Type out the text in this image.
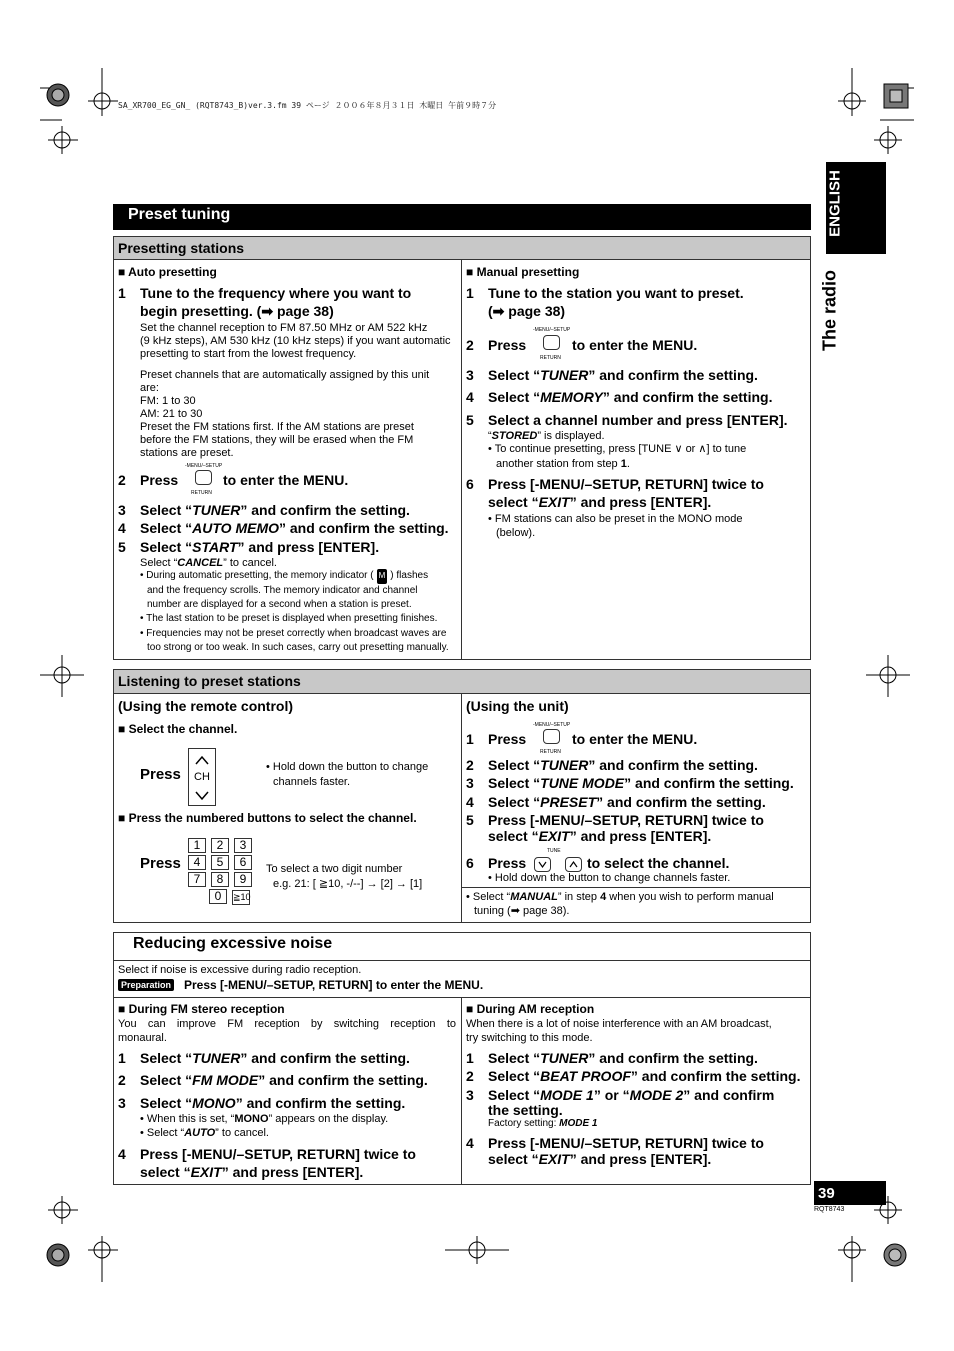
SA_XR700_EG_GN_ (RQT8743_B)ver.3.fm 39 ページ ２００６年８月３１日 木曜日 午前９時７分
ENGLISH
The radio
Preset tuning
Presetting stations
■ Auto presetting
1 Tune to the frequency where you want to
begin presetting. (➡ page 38)
Set the channel reception to FM 87.50 MHz or AM 522 kHz
(9 kHz steps), AM 530 kHz (10 kHz steps) if you want automatic
presetting to start from the lowest frequency.
Preset channels that are automatically assigned by this unit
are:
FM: 1 to 30
AM: 21 to 30
Preset the FM stations first. If the AM stations are preset
before the FM stations, they will be erased when the FM
stations are preset.
2 Press	to enter the MENU.
-MENU/–SETUP
RETURN
3 Select “TUNER” and confirm the setting.
4 Select “AUTO MEMO” and confirm the setting.
5 Select “START” and press [ENTER].
Select “CANCEL” to cancel.
• During automatic presetting, the memory indicator ( M ) flashes
and the frequency scrolls. The memory indicator and channel
number are displayed for a second when a station is preset.
• The last station to be preset is displayed when presetting finishes.
• Frequencies may not be preset correctly when broadcast waves are
too strong or too weak. In such cases, carry out presetting manually.
■ Manual presetting
1 Tune to the station you want to preset.
(➡ page 38)
-MENU/–SETUP
RETURN
2 Press	to enter the MENU.
3 Select “TUNER” and confirm the setting.
4 Select “MEMORY” and confirm the setting.
5 Select a channel number and press [ENTER].
“STORED” is displayed.
• To continue presetting, press [TUNE ∨ or ∧] to tune
another station from step 1.
6 Press [-MENU/–SETUP, RETURN] twice to
select “EXIT” and press [ENTER].
• FM stations can also be preset in the MONO mode
(below).
Listening to preset stations
(Using the remote control)
■ Select the channel.
Press	CH
• Hold down the button to change
channels faster.
■ Press the numbered buttons to select the channel.
Press
1 2 3
4 5 6
7 8 9
0 ≧10
To select a two digit number
e.g. 21: [ ≧10, -/--] → [2] → [1]
(Using the unit)
-MENU/–SETUP
RETURN
1 Press	to enter the MENU.
2 Select “TUNER” and confirm the setting.
3 Select “TUNE MODE” and confirm the setting.
4 Select “PRESET” and confirm the setting.
5 Press [-MENU/–SETUP, RETURN] twice to
select “EXIT” and press [ENTER].
TUNE
6 Press	to select the channel.
• Hold down the button to change channels faster.
• Select “MANUAL” in step 4 when you wish to perform manual
tuning (➡ page 38).
Reducing excessive noise
Select if noise is excessive during radio reception.
Preparation Press [-MENU/–SETUP, RETURN] to enter the MENU.
■ During FM stereo reception
You can improve FM reception by switching reception to
monaural.
1 Select “TUNER” and confirm the setting.
2 Select “FM MODE” and confirm the setting.
3 Select “MONO” and confirm the setting.
• When this is set, “MONO” appears on the display.
• Select “AUTO” to cancel.
4 Press [-MENU/–SETUP, RETURN] twice to
select “EXIT” and press [ENTER].
■ During AM reception
When there is a lot of noise interference with an AM broadcast,
try switching to this mode.
1 Select “TUNER” and confirm the setting.
2 Select “BEAT PROOF” and confirm the setting.
3 Select “MODE 1” or “MODE 2” and confirm
the setting.
Factory setting: MODE 1
4 Press [-MENU/–SETUP, RETURN] twice to
select “EXIT” and press [ENTER].
39
RQT8743
